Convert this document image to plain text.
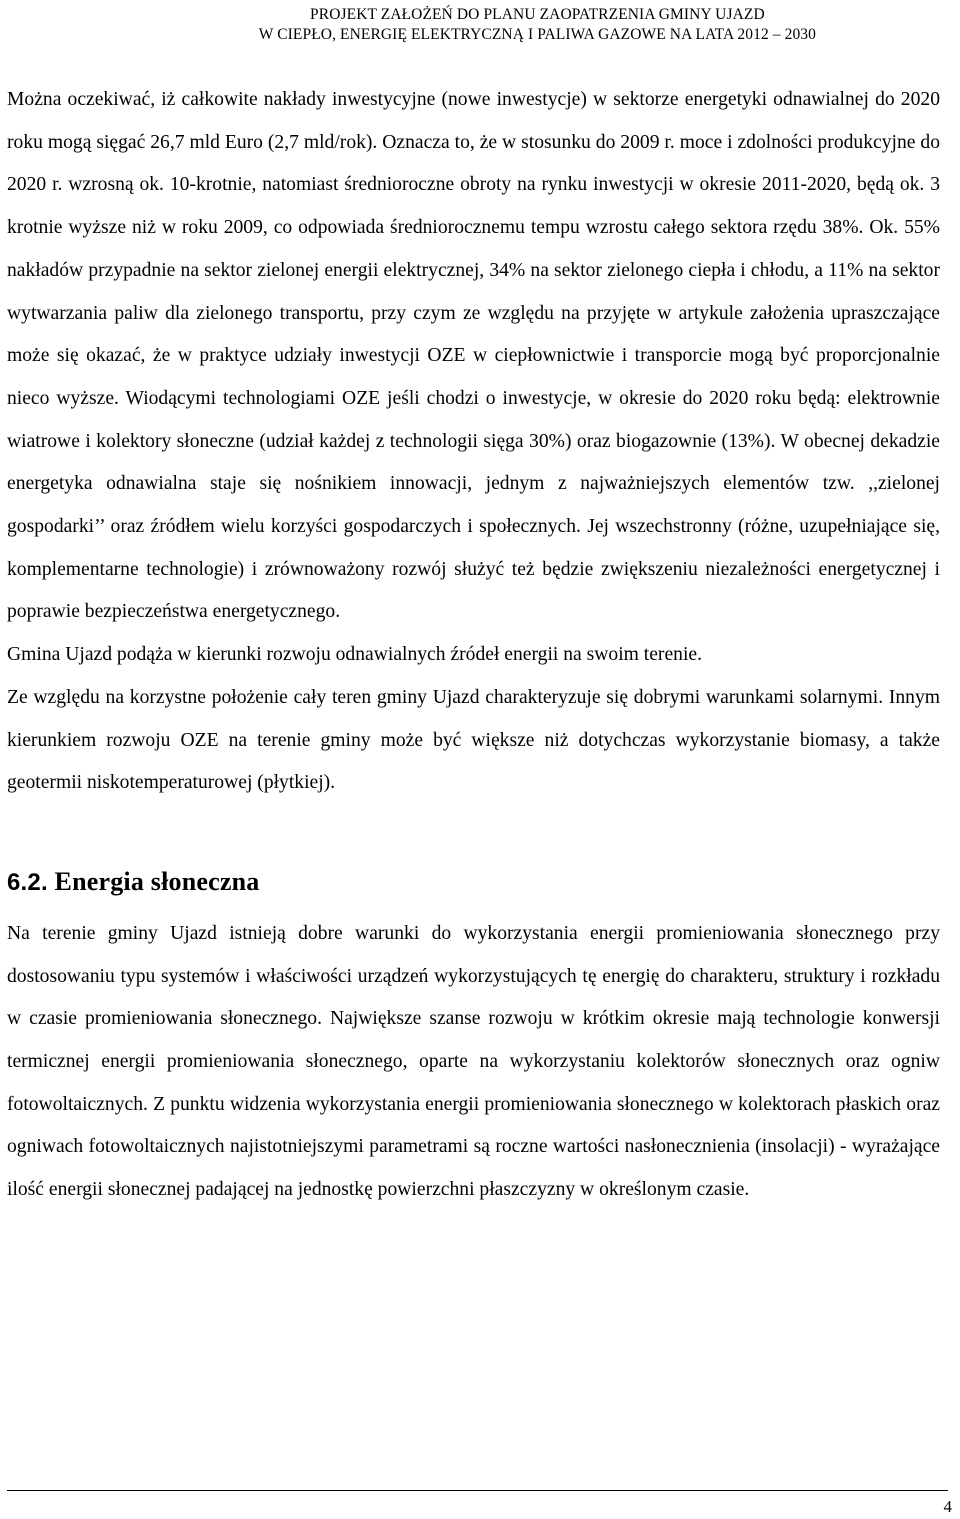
PROJEKT ZAŁOŻEŃ DO PLANU ZAOPATRZENIA GMINY UJAZD
W CIEPŁO, ENERGIĘ ELEKTRYCZNĄ I PALIWA GAZOWE NA LATA 2012 – 2030

Można oczekiwać, iż całkowite nakłady inwestycyjne (nowe inwestycje) w sektorze energetyki odnawialnej do 2020 roku mogą sięgać 26,7 mld Euro (2,7 mld/rok). Oznacza to, że w stosunku do 2009 r. moce i zdolności produkcyjne do 2020 r. wzrosną ok. 10-krotnie, natomiast średnioroczne obroty na rynku inwestycji w okresie 2011-2020, będą ok. 3 krotnie wyższe niż w roku 2009, co odpowiada średniorocznemu tempu wzrostu całego sektora rzędu 38%. Ok. 55% nakładów przypadnie na sektor zielonej energii elektrycznej, 34% na sektor zielonego ciepła i chłodu, a 11% na sektor wytwarzania paliw dla zielonego transportu, przy czym ze względu na przyjęte w artykule założenia upraszczające może się okazać, że w praktyce udziały inwestycji OZE w ciepłownictwie i transporcie mogą być proporcjonalnie nieco wyższe. Wiodącymi technologiami OZE jeśli chodzi o inwestycje, w okresie do 2020 roku będą: elektrownie wiatrowe i kolektory słoneczne (udział każdej z technologii sięga 30%) oraz biogazownie (13%). W obecnej dekadzie energetyka odnawialna staje się nośnikiem innowacji, jednym z najważniejszych elementów tzw. ,,zielonej gospodarki’’ oraz źródłem wielu korzyści gospodarczych i społecznych. Jej wszechstronny (różne, uzupełniające się, komplementarne technologie) i zrównoważony rozwój służyć też będzie zwiększeniu niezależności energetycznej i poprawie bezpieczeństwa energetycznego.

Gmina Ujazd podąża w kierunki rozwoju odnawialnych źródeł energii na swoim terenie.

Ze względu na korzystne położenie cały teren gminy Ujazd charakteryzuje się dobrymi warunkami solarnymi. Innym kierunkiem rozwoju OZE na terenie gminy może być większe niż dotychczas wykorzystanie biomasy, a także geotermii niskotemperaturowej (płytkiej).

6.2. Energia słoneczna

Na terenie gminy Ujazd istnieją dobre warunki do wykorzystania energii promieniowania słonecznego przy dostosowaniu typu systemów i właściwości urządzeń wykorzystujących tę energię do charakteru, struktury i rozkładu w czasie promieniowania słonecznego. Największe szanse rozwoju w krótkim okresie mają technologie konwersji termicznej energii promieniowania słonecznego, oparte na wykorzystaniu kolektorów słonecznych oraz ogniw fotowoltaicznych. Z punktu widzenia wykorzystania energii promieniowania słonecznego w kolektorach płaskich oraz ogniwach fotowoltaicznych najistotniejszymi parametrami są roczne wartości nasłonecznienia (insolacji) - wyrażające ilość energii słonecznej padającej na jednostkę powierzchni płaszczyzny w określonym czasie.

4
